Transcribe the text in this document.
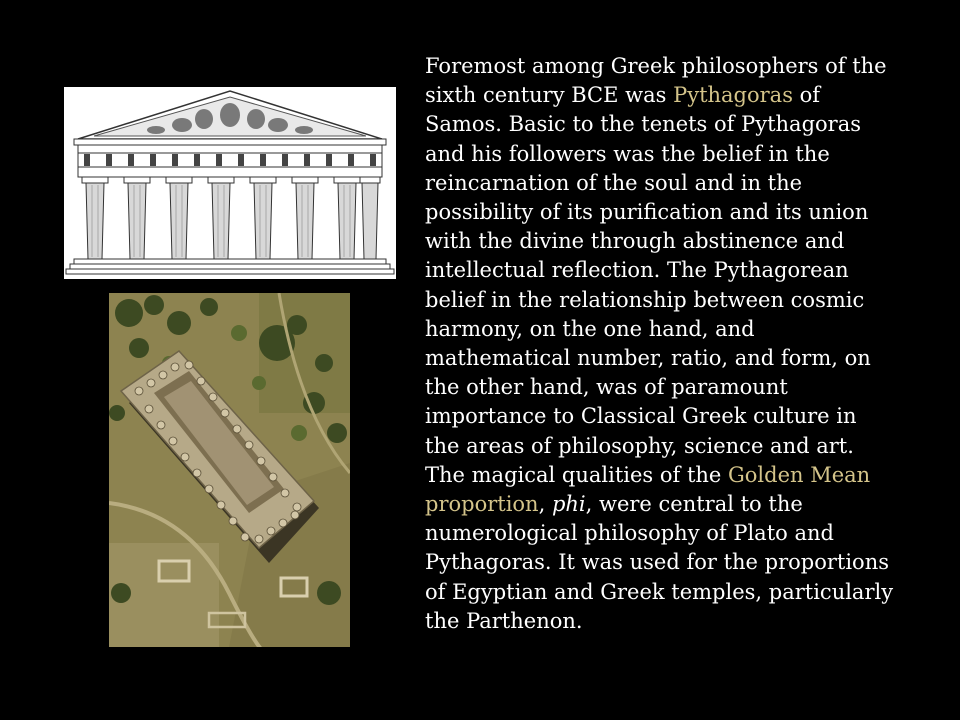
Foremost among Greek philosophers of the sixth century BCE was Pythagoras of Samos. Basic to the tenets of Pythagoras and his followers was the belief in the reincarnation of the soul and in the possibility of its purification and its union with the divine through abstinence and intellectual reflection. The Pythagorean belief in the relationship between cosmic harmony, on the one hand, and mathematical number, ratio, and form, on the other hand, was of paramount importance to Classical Greek culture in the areas of philosophy, science and art. The magical qualities of the Golden Mean proportion, phi, were central to the numerological philosophy of Plato and Pythagoras. It was used for the proportions of Egyptian and Greek temples, particularly the Parthenon.
